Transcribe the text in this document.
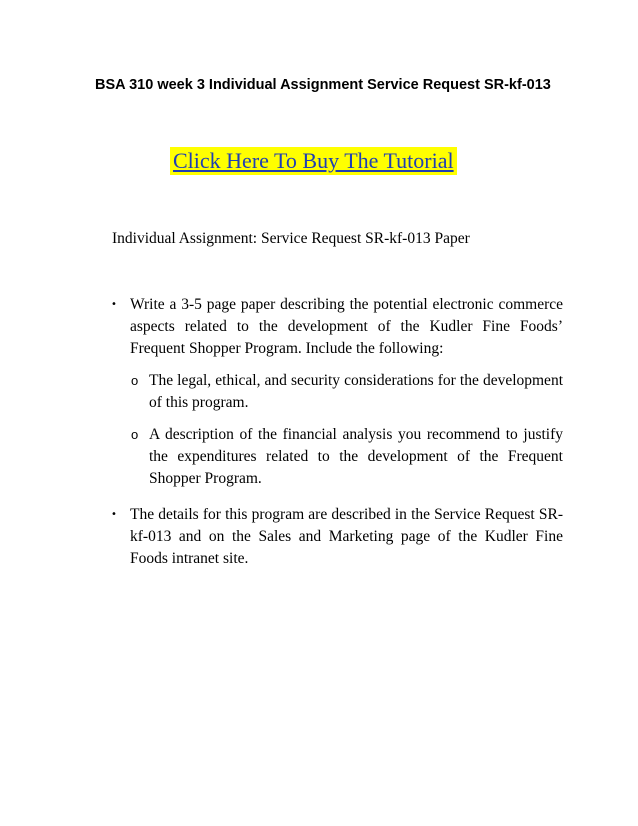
BSA 310 week 3 Individual Assignment Service Request SR-kf-013
Click Here To Buy The Tutorial
Individual Assignment: Service Request SR-kf-013 Paper
• Write a 3-5 page paper describing the potential electronic commerce aspects related to the development of the Kudler Fine Foods’ Frequent Shopper Program. Include the following:
o The legal, ethical, and security considerations for the development of this program.
o A description of the financial analysis you recommend to justify the expenditures related to the development of the Frequent Shopper Program.
• The details for this program are described in the Service Request SR-kf-013 and on the Sales and Marketing page of the Kudler Fine Foods intranet site.
